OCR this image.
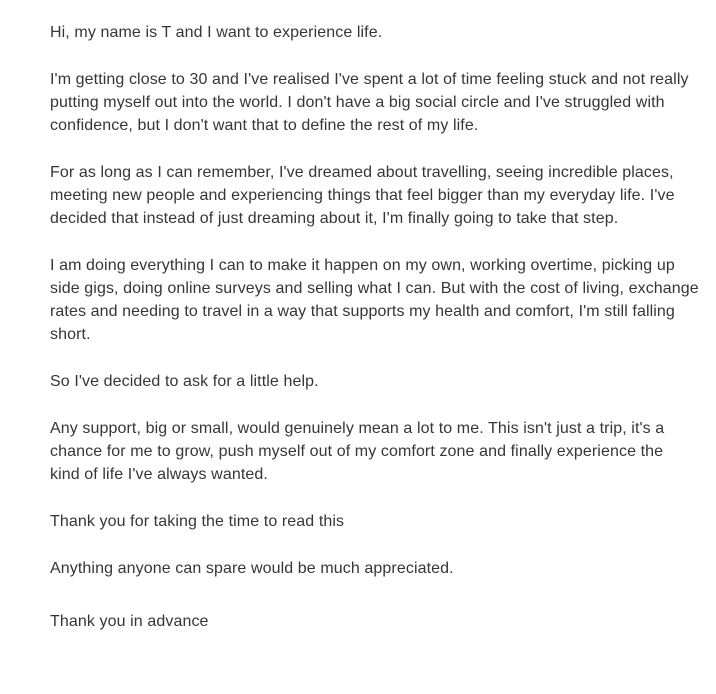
Hi, my name is T and I want to experience life.

I'm getting close to 30 and I've realised I've spent a lot of time feeling stuck and not really
putting myself out into the world. I don't have a big social circle and I've struggled with
confidence, but I don't want that to define the rest of my life.

For as long as I can remember, I've dreamed about travelling, seeing incredible places,
meeting new people and experiencing things that feel bigger than my everyday life. I've
decided that instead of just dreaming about it, I'm finally going to take that step.

I am doing everything I can to make it happen on my own, working overtime, picking up
side gigs, doing online surveys and selling what I can. But with the cost of living, exchange
rates and needing to travel in a way that supports my health and comfort, I'm still falling
short.

So I've decided to ask for a little help.

Any support, big or small, would genuinely mean a lot to me. This isn't just a trip, it's a
chance for me to grow, push myself out of my comfort zone and finally experience the
kind of life I've always wanted.

Thank you for taking the time to read this

Anything anyone can spare would be much appreciated.

Thank you in advance
